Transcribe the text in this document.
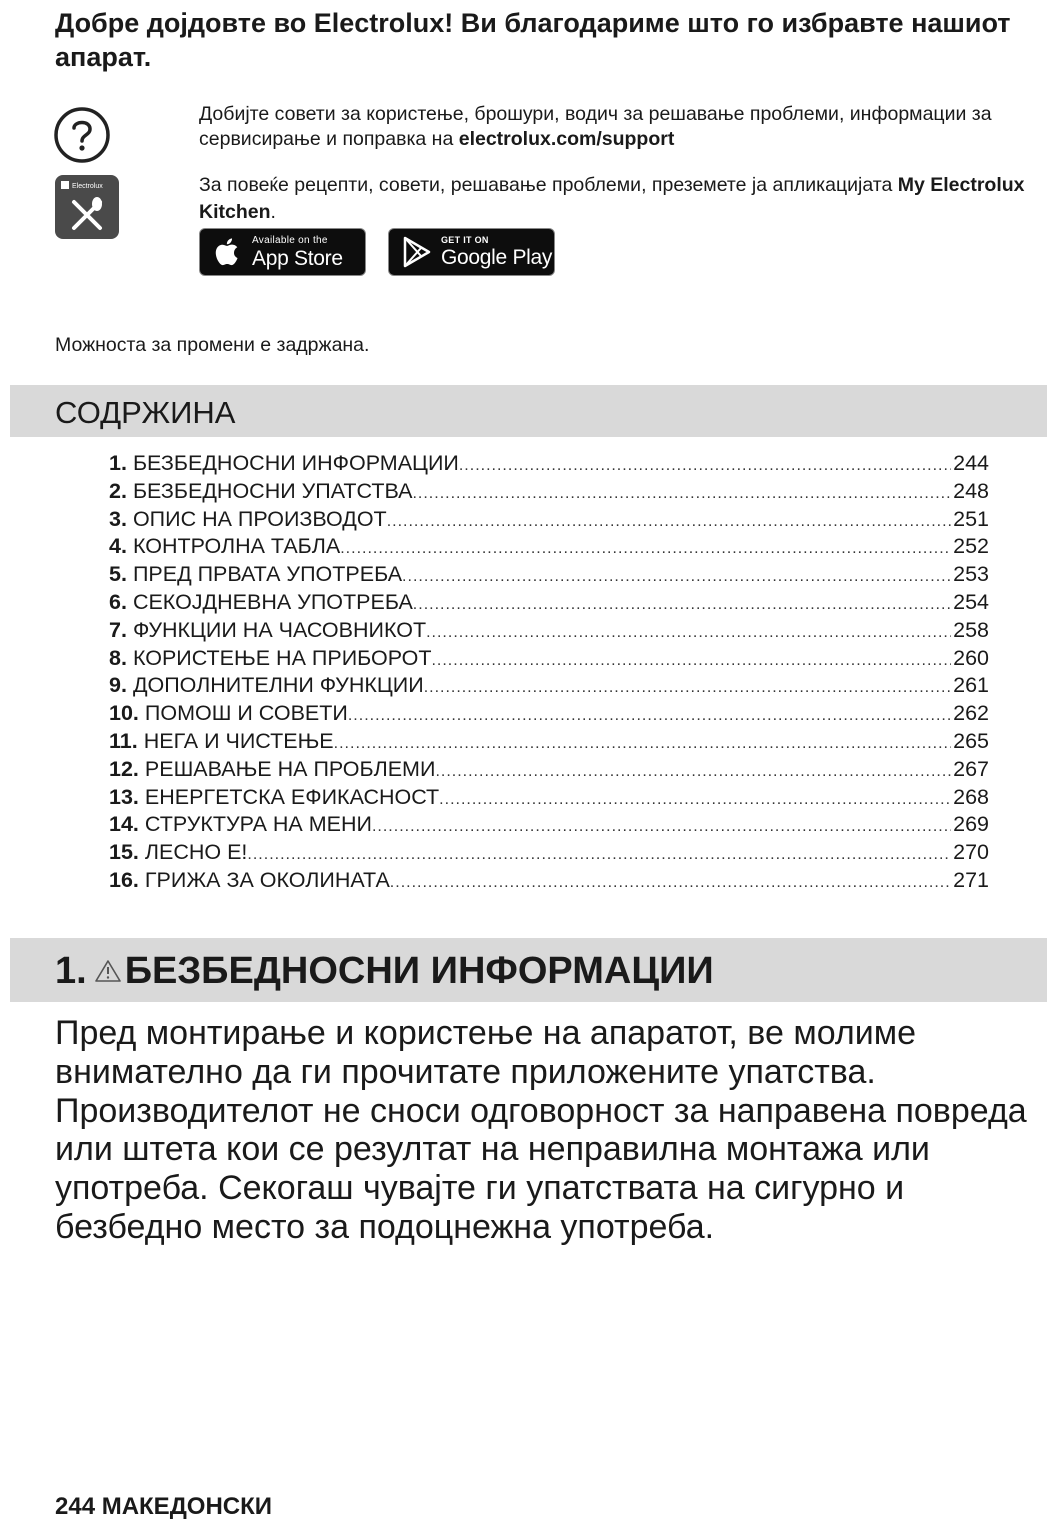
Добре дојдовте во Electrolux! Ви благодариме што го избравте нашиот апарат.
Electrolux
Добијте совети за користење, брошури, водич за решавање проблеми, информации за сервисирање и поправка на electrolux.com/support
За повеќе рецепти, совети, решавање проблеми, преземете ја апликацијата My Electrolux Kitchen.
Available on the
App Store
GET IT ON
Google Play
Можноста за промени е задржана.
СОДРЖИНА
1. БЕЗБЕДНОСНИ ИНФОРМАЦИИ .....	244
2. БЕЗБЕДНОСНИ УПАТСТВА .....	248
3. ОПИС НА ПРОИЗВОДОТ .....	251
4. КОНТРОЛНА ТАБЛА .....	252
5. ПРЕД ПРВАТА УПОТРЕБА .....	253
6. СЕКОЈДНЕВНА УПОТРЕБА .....	254
7. ФУНКЦИИ НА ЧАСОВНИКОТ .....	258
8. КОРИСТЕЊЕ НА ПРИБОРОТ .....	260
9. ДОПОЛНИТЕЛНИ ФУНКЦИИ .....	261
10. ПОМОШ И СОВЕТИ .....	262
11. НЕГА И ЧИСТЕЊЕ .....	265
12. РЕШАВАЊЕ НА ПРОБЛЕМИ .....	267
13. ЕНЕРГЕТСКА ЕФИКАСНОСТ .....	268
14. СТРУКТУРА НА МЕНИ .....	269
15. ЛЕСНО Е! .....	270
16. ГРИЖА ЗА ОКОЛИНАТА .....	271
1. БЕЗБЕДНОСНИ ИНФОРМАЦИИ

Пред монтирање и користење на апаратот, ве молиме внимателно да ги прочитате приложените упатства. Производителот не сноси одговорност за направена повреда или штета кои се резултат на неправилна монтажа или употреба. Секогаш чувајте ги упатствата на сигурно и безбедно место за подоцнежна употреба.

244 МАКЕДОНСКИ
